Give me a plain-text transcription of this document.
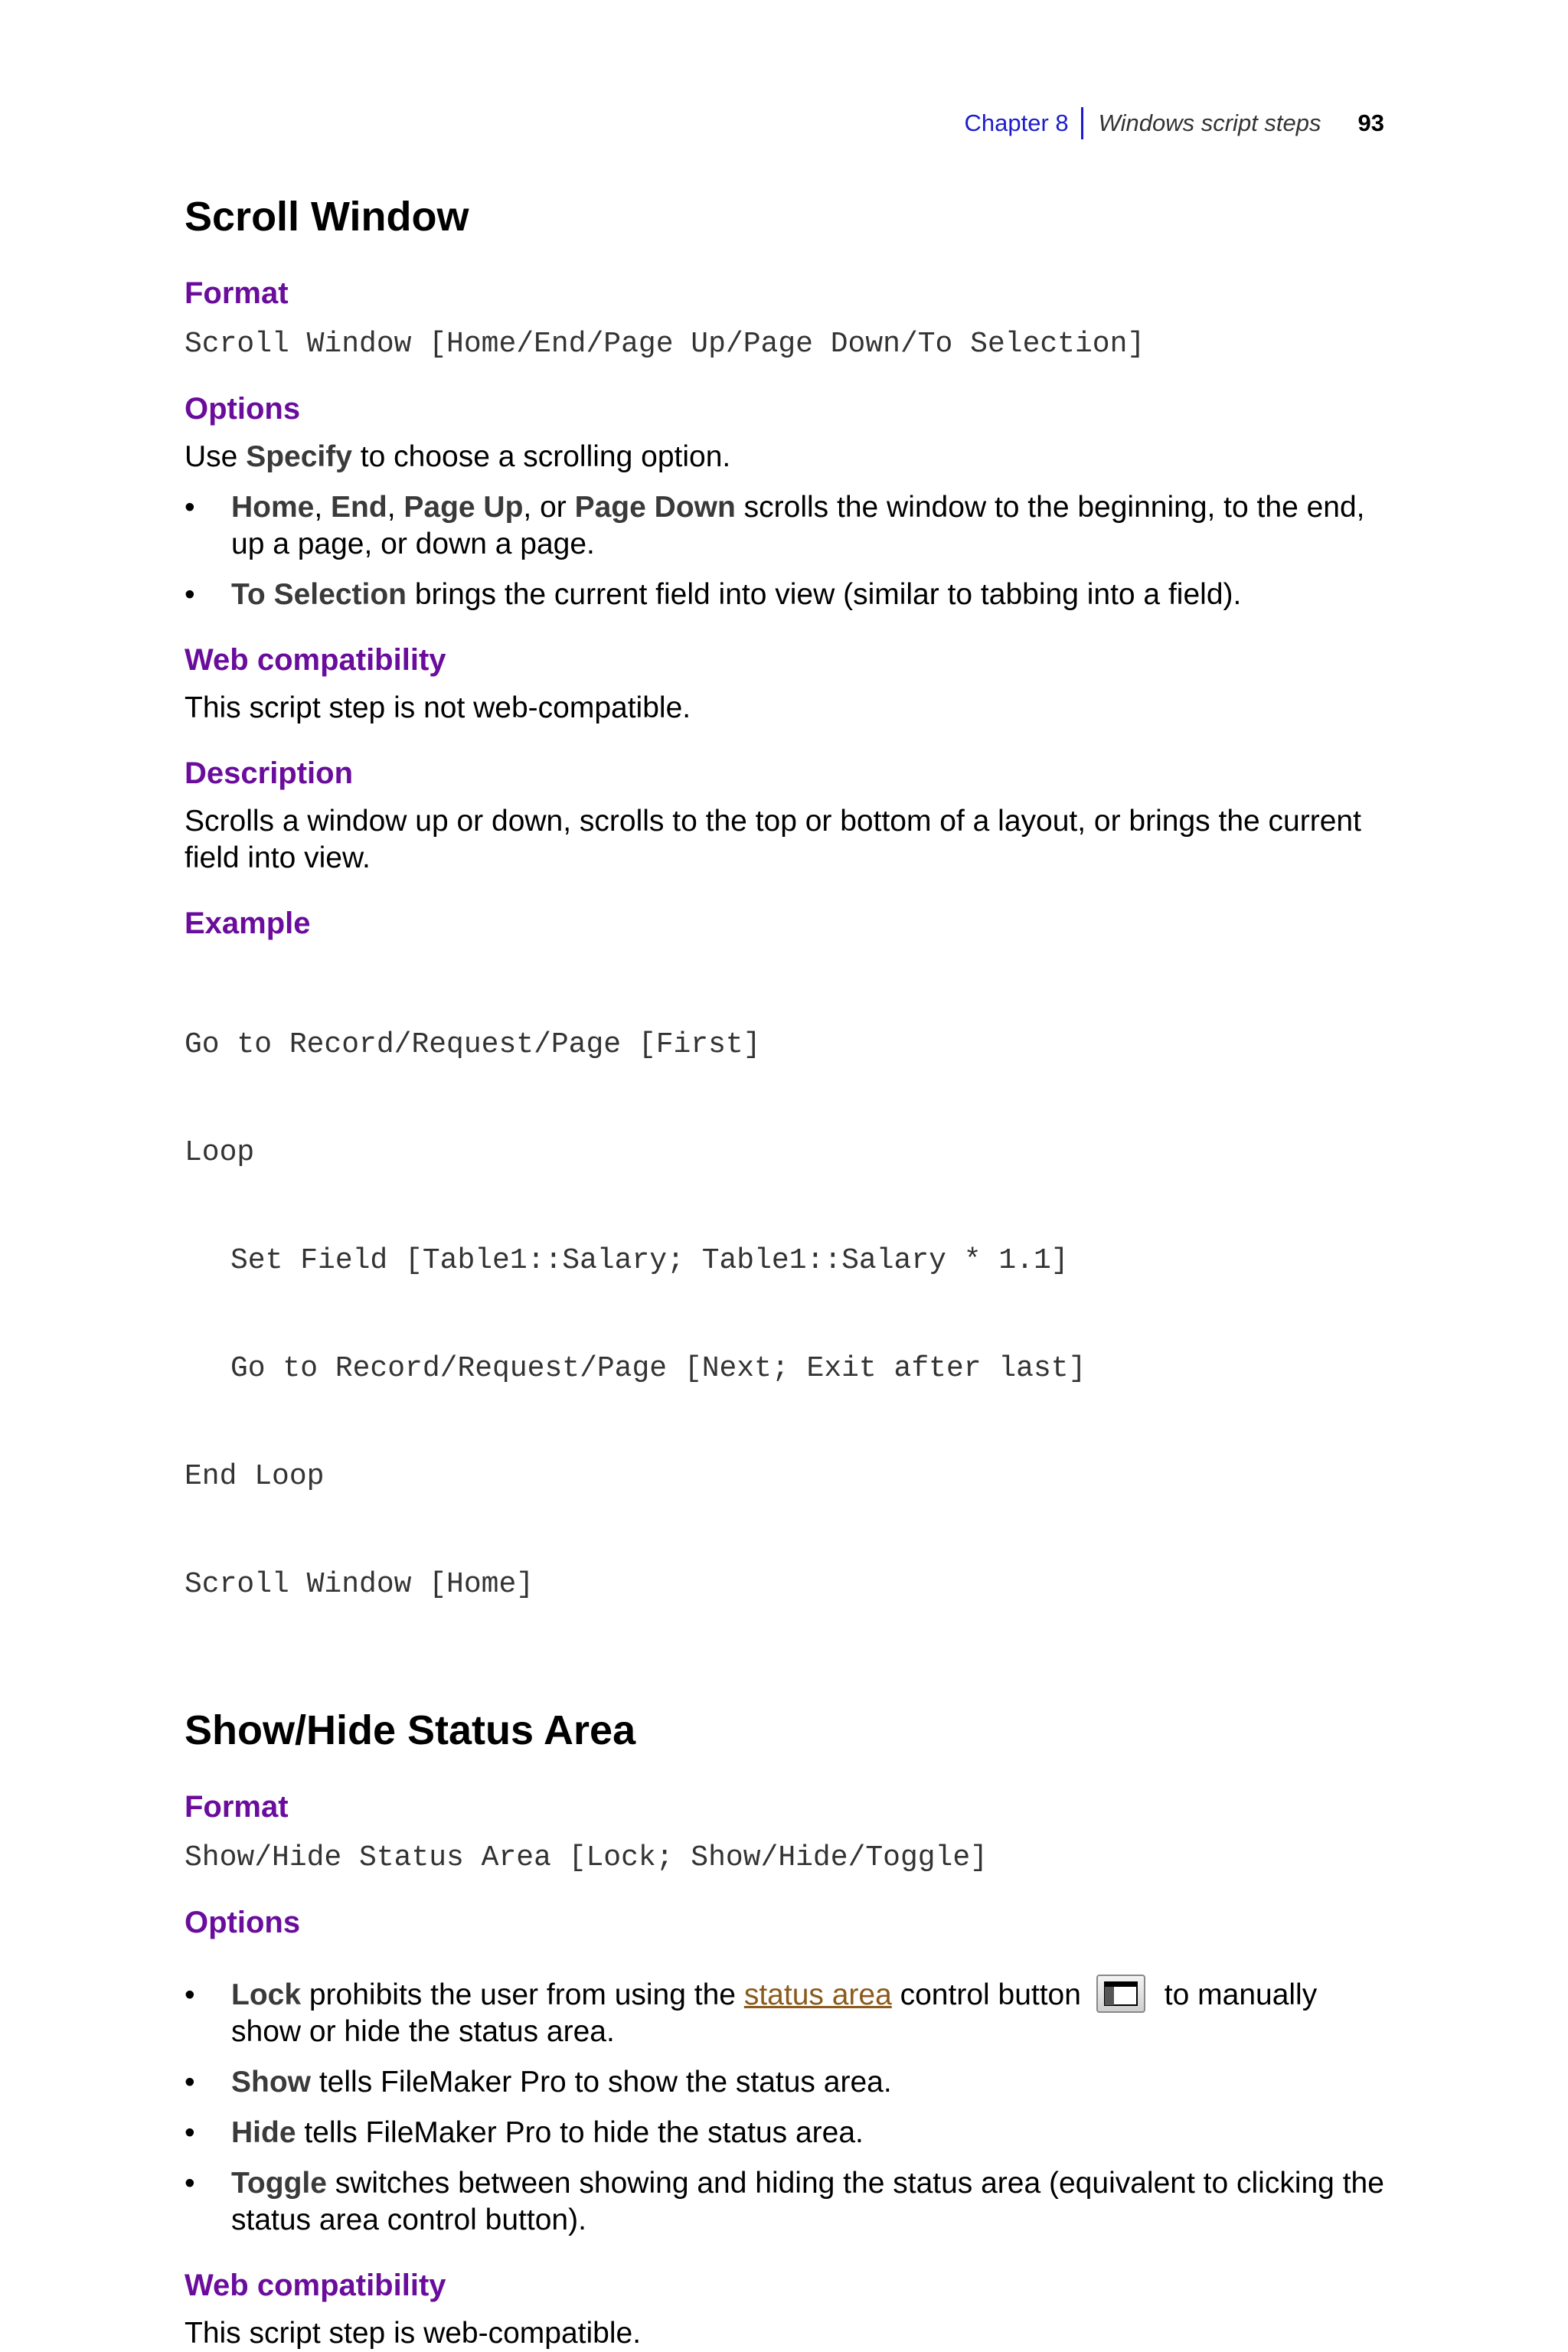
Chapter 8 Windows script steps 93
Scroll Window
Format
Scroll Window [Home/End/Page Up/Page Down/To Selection]
Options

Use Specify to choose a scrolling option.

• Home, End, Page Up, or Page Down scrolls the window to the beginning, to the end, up a page, or down a page.
• To Selection brings the current field into view (similar to tabbing into a field).
Web compatibility

This script step is not web-compatible.

Description

Scrolls a window up or down, scrolls to the top or bottom of a layout, or brings the current field into view.

Example

Go to Record/Request/Page [First]

Loop

Set Field [Table1::Salary; Table1::Salary * 1.1]

Go to Record/Request/Page [Next; Exit after last]

End Loop

Scroll Window [Home]

Show/Hide Status Area
Format
Show/Hide Status Area [Lock; Show/Hide/Toggle]
Options
• Lock prohibits the user from using the status area control button	to manually show or hide the status area.
• Show tells FileMaker Pro to show the status area.
• Hide tells FileMaker Pro to hide the status area.
• Toggle switches between showing and hiding the status area (equivalent to clicking the status area control button).
Web compatibility

This script step is web-compatible.
